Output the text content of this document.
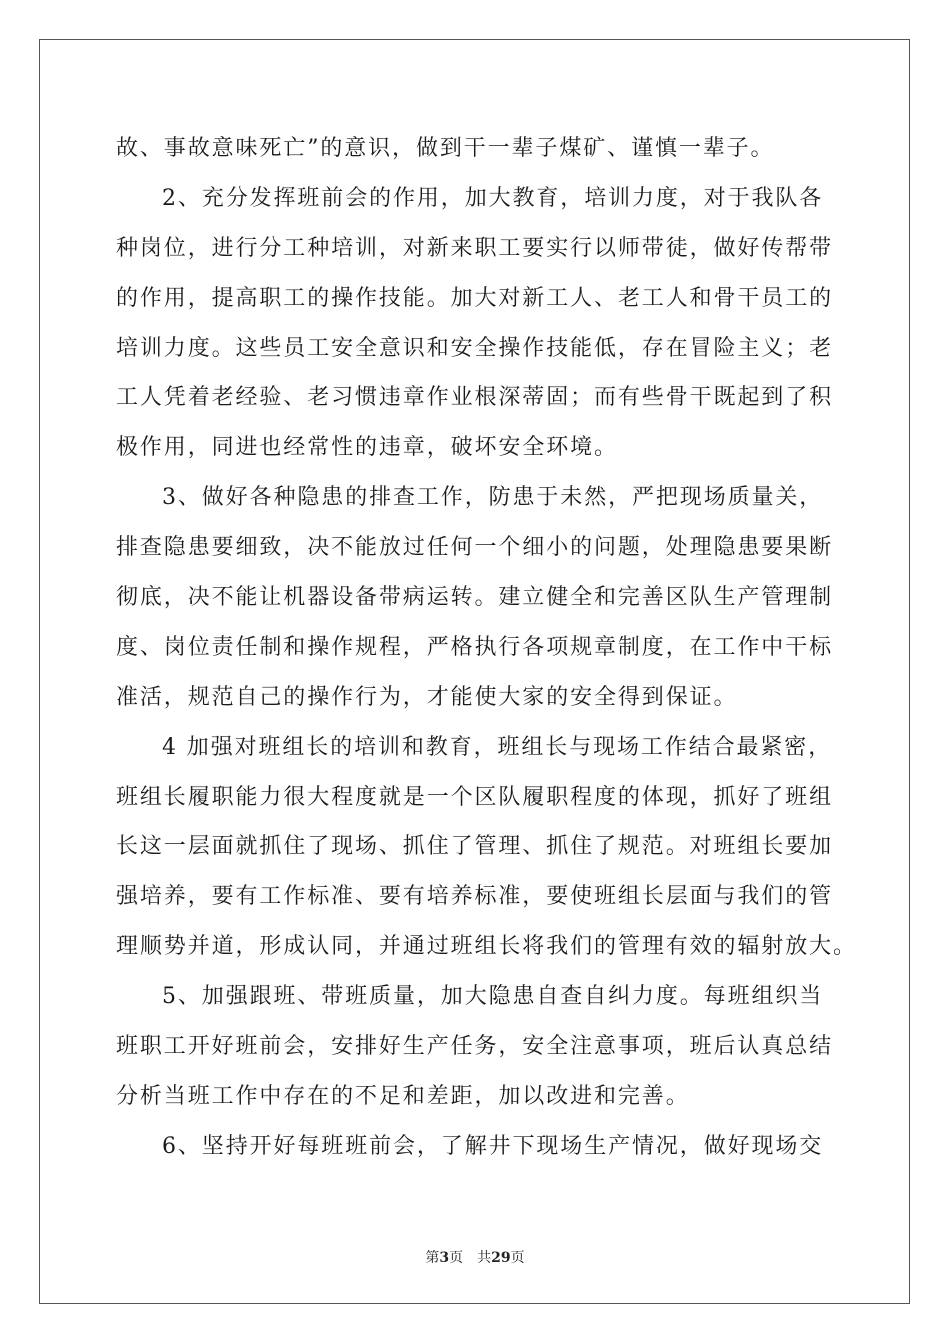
故、事故意味死亡”的意识，做到干一辈子煤矿、谨慎一辈子。
2、充分发挥班前会的作用，加大教育，培训力度，对于我队各
种岗位，进行分工种培训，对新来职工要实行以师带徒，做好传帮带
的作用，提高职工的操作技能。加大对新工人、老工人和骨干员工的
培训力度。这些员工安全意识和安全操作技能低，存在冒险主义；老
工人凭着老经验、老习惯违章作业根深蒂固；而有些骨干既起到了积
极作用，同进也经常性的违章，破坏安全环境。
3、做好各种隐患的排查工作，防患于未然，严把现场质量关，
排查隐患要细致，决不能放过任何一个细小的问题，处理隐患要果断
彻底，决不能让机器设备带病运转。建立健全和完善区队生产管理制
度、岗位责任制和操作规程，严格执行各项规章制度，在工作中干标
准活，规范自己的操作行为，才能使大家的安全得到保证。
4 加强对班组长的培训和教育，班组长与现场工作结合最紧密，
班组长履职能力很大程度就是一个区队履职程度的体现，抓好了班组
长这一层面就抓住了现场、抓住了管理、抓住了规范。对班组长要加
强培养，要有工作标准、要有培养标准，要使班组长层面与我们的管
理顺势并道，形成认同，并通过班组长将我们的管理有效的辐射放大。
5、加强跟班、带班质量，加大隐患自查自纠力度。每班组织当
班职工开好班前会，安排好生产任务，安全注意事项，班后认真总结
分析当班工作中存在的不足和差距，加以改进和完善。
6、坚持开好每班班前会，了解井下现场生产情况，做好现场交
第3页 共29页
